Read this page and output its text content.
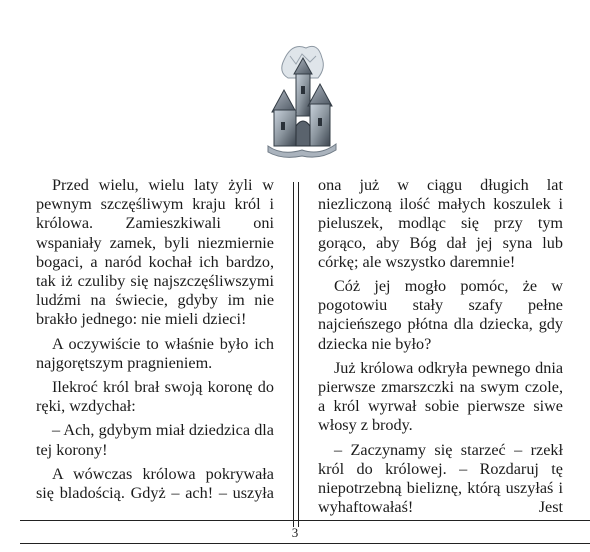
Przed wielu, wielu laty żyli w pewnym szczęśliwym kraju król i królowa. Zamieszkiwali oni wspaniały zamek, byli niezmiernie bogaci, a naród kochał ich bardzo, tak iż czuliby się najszczęśliwszymi ludźmi na świecie, gdyby im nie brakło jednego: nie mieli dzieci!

A oczywiście to właśnie było ich najgorętszym pragnieniem.

Ilekroć król brał swoją koronę do ręki, wzdychał:

– Ach, gdybym miał dziedzica dla tej korony!

A wówczas królowa pokrywała się bladością. Gdyż – ach! – uszyła

ona już w ciągu długich lat niezliczoną ilość małych koszulek i pieluszek, modląc się przy tym gorąco, aby Bóg dał jej syna lub córkę; ale wszystko daremnie!

Cóż jej mogło pomóc, że w pogotowiu stały szafy pełne najcieńszego płótna dla dziecka, gdy dziecka nie było?

Już królowa odkryła pewnego dnia pierwsze zmarszczki na swym czole, a król wyrwał sobie pierwsze siwe włosy z brody.

– Zaczynamy się starzeć – rzekł król do królowej. – Rozdaruj tę niepotrzebną bieliznę, którą uszyłaś i wyhaftowałaś! Jest

3
